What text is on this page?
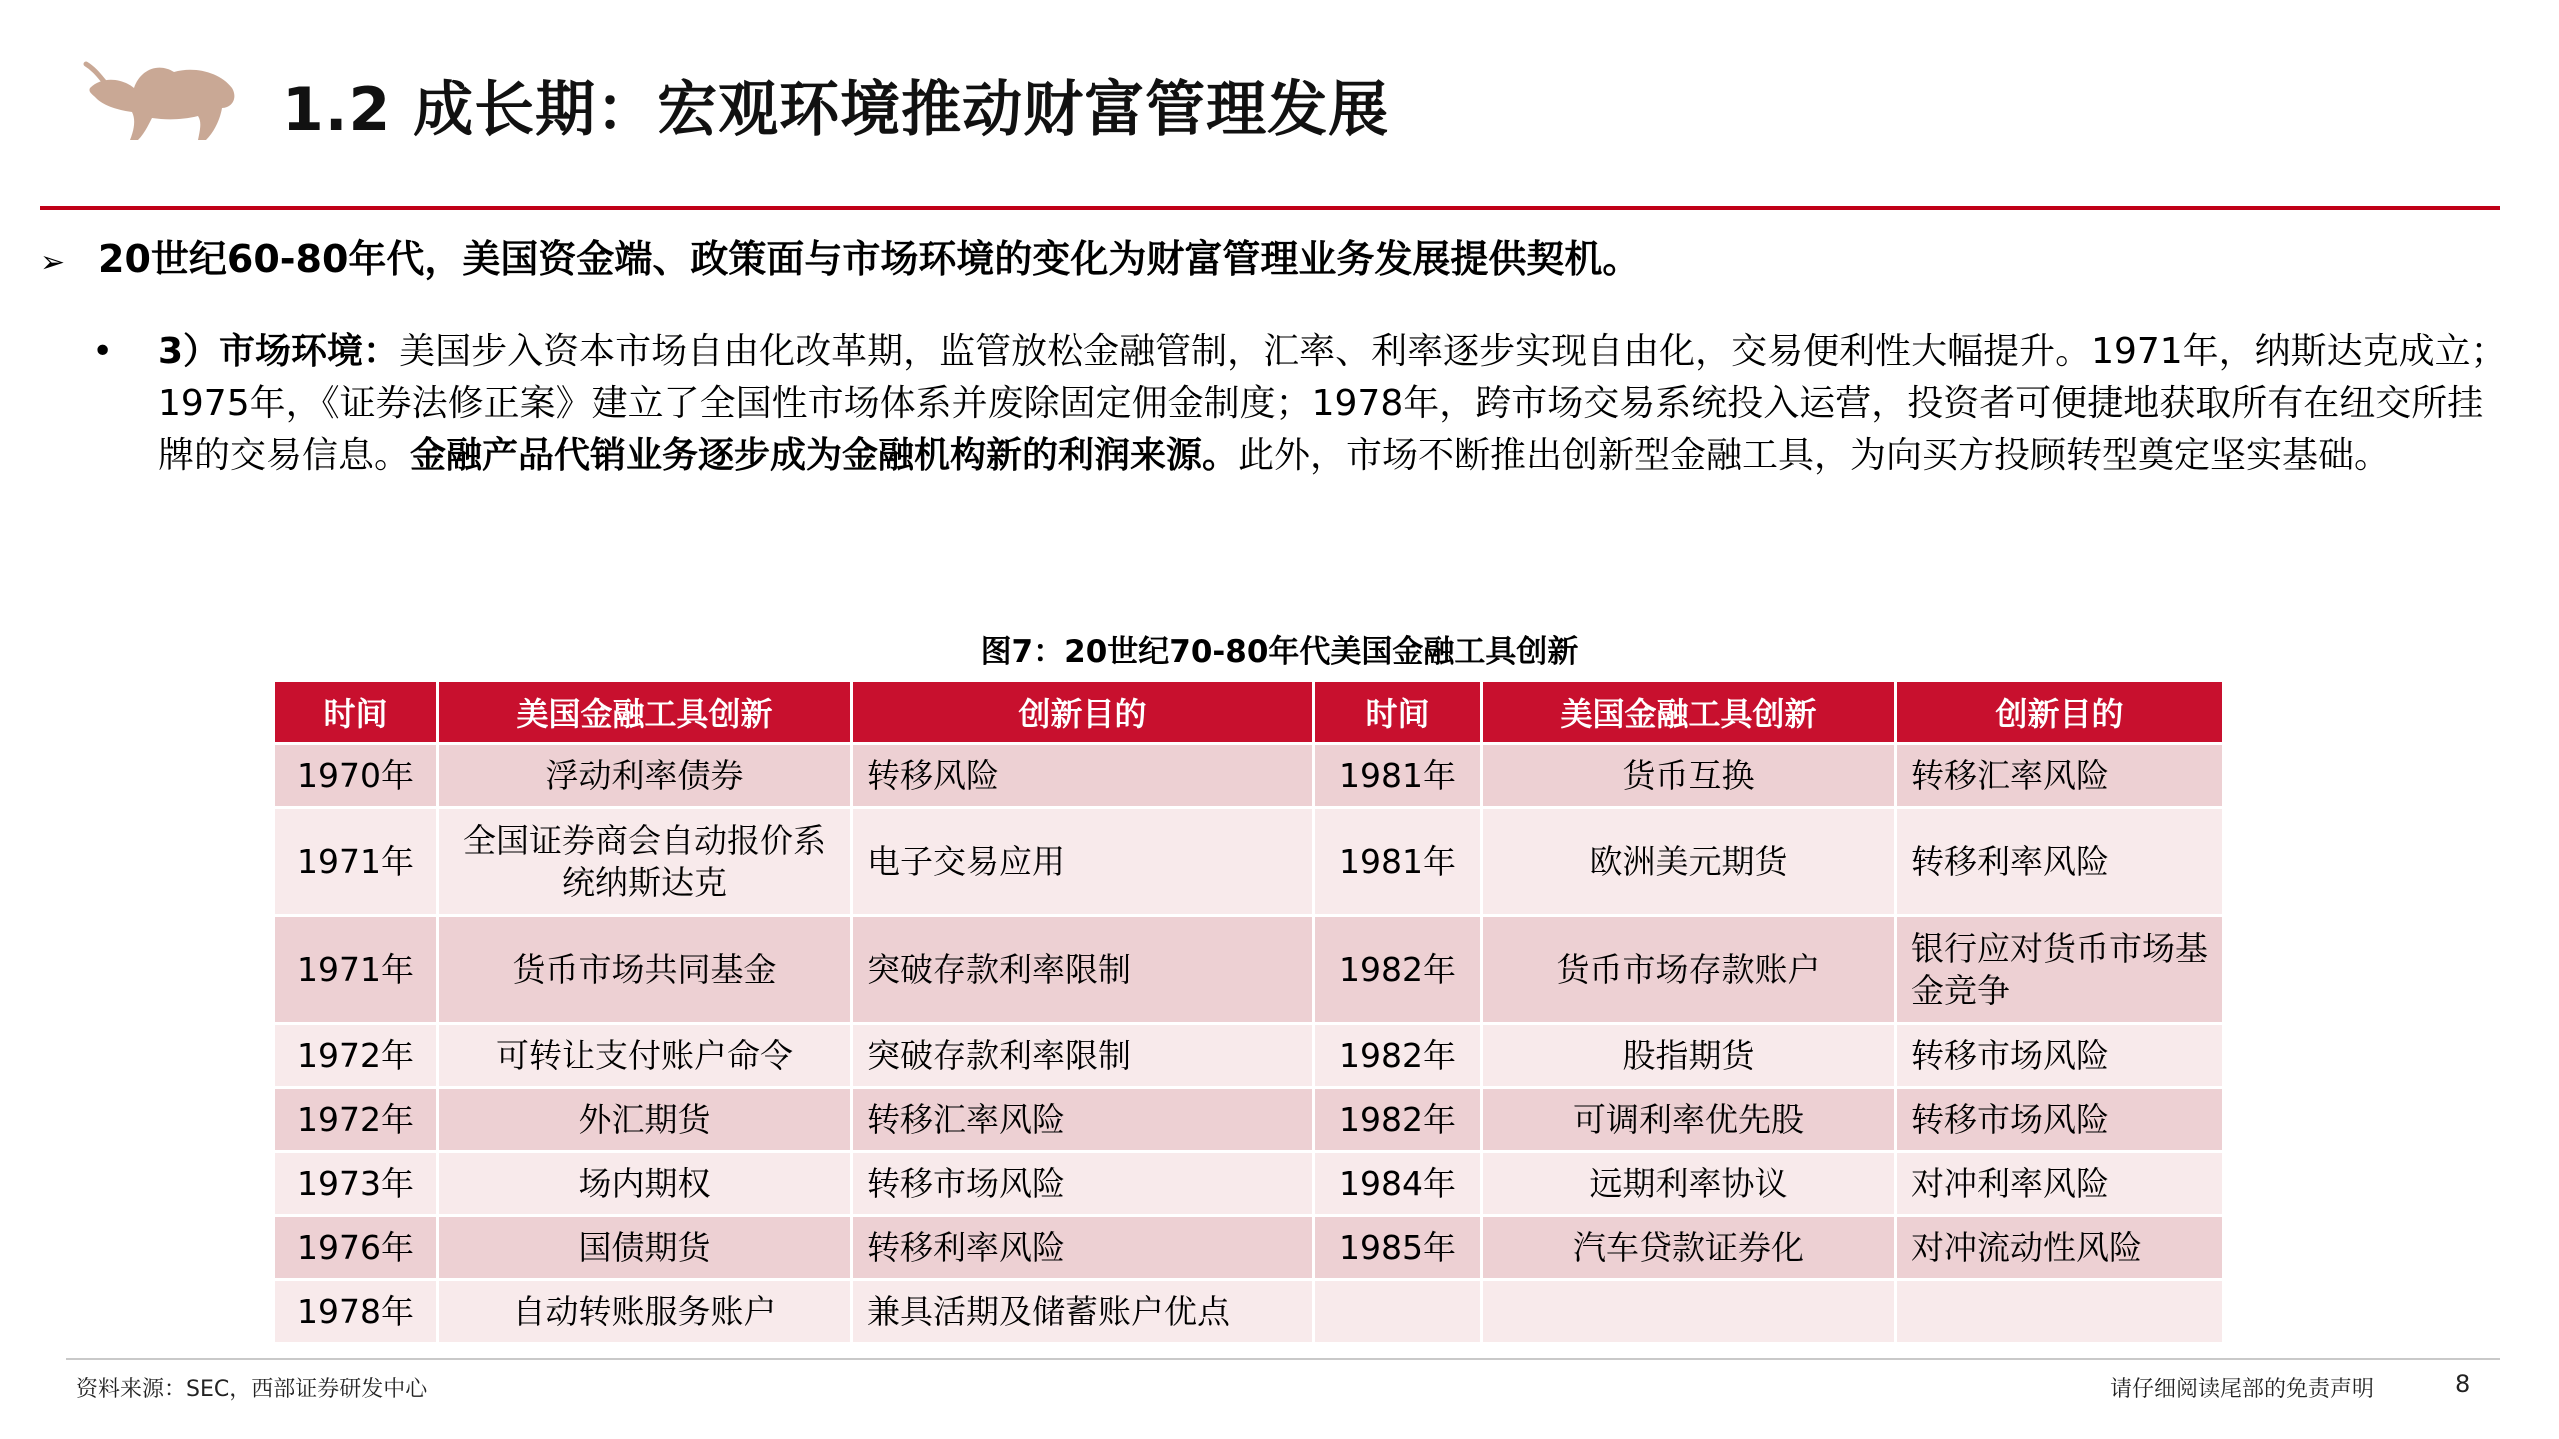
1.2 成长期：宏观环境推动财富管理发展
➢ 20世纪60-80年代，美国资金端、政策面与市场环境的变化为财富管理业务发展提供契机。
•	3）市场环境：美国步入资本市场自由化改革期，监管放松金融管制，汇率、利率逐步实现自由化，交易便利性大幅提升。1971年，纳斯达克成立；1975年，《证券法修正案》建立了全国性市场体系并废除固定佣金制度；1978年，跨市场交易系统投入运营，投资者可便捷地获取所有在纽交所挂牌的交易信息。金融产品代销业务逐步成为金融机构新的利润来源。此外，市场不断推出创新型金融工具，为向买方投顾转型奠定坚实基础。

图7：20世纪70-80年代美国金融工具创新
时间	美国金融工具创新	创新目的	时间	美国金融工具创新	创新目的
1970年	浮动利率债券	转移风险	1981年	货币互换	转移汇率风险
1971年	全国证券商会自动报价系统纳斯达克	电子交易应用	1981年	欧洲美元期货	转移利率风险
1971年	货币市场共同基金	突破存款利率限制	1982年	货币市场存款账户	银行应对货币市场基金竞争
1972年	可转让支付账户命令	突破存款利率限制	1982年	股指期货	转移市场风险
1972年	外汇期货	转移汇率风险	1982年	可调利率优先股	转移市场风险
1973年	场内期权	转移市场风险	1984年	远期利率协议	对冲利率风险
1976年	国债期货	转移利率风险	1985年	汽车贷款证券化	对冲流动性风险
1978年	自动转账服务账户	兼具活期及储蓄账户优点			
资料来源：SEC，西部证券研发中心	请仔细阅读尾部的免责声明	8
